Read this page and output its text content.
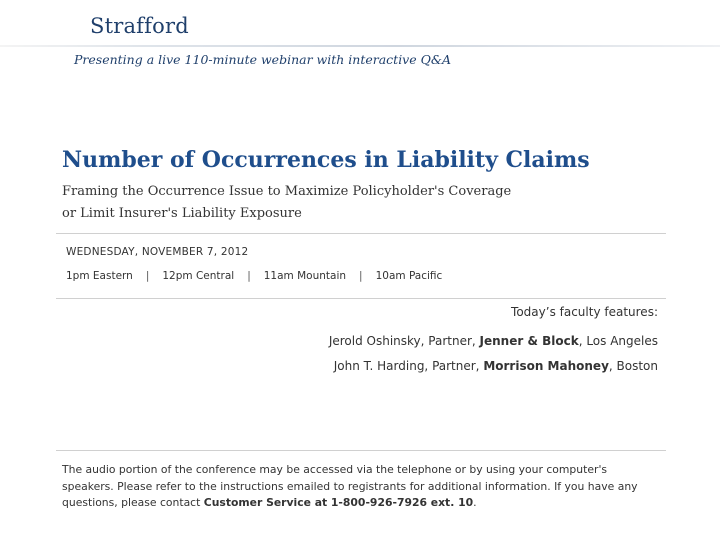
Strafford
Presenting a live 110-minute webinar with interactive Q&A
Number of Occurrences in Liability Claims
Framing the Occurrence Issue to Maximize Policyholder's Coverage
or Limit Insurer's Liability Exposure
WEDNESDAY, NOVEMBER 7, 2012
1pm Eastern | 12pm Central | 11am Mountain | 10am Pacific
Today’s faculty features:
Jerold Oshinsky, Partner, Jenner & Block, Los Angeles
John T. Harding, Partner, Morrison Mahoney, Boston
The audio portion of the conference may be accessed via the telephone or by using your computer's speakers. Please refer to the instructions emailed to registrants for additional information. If you have any questions, please contact Customer Service at 1-800-926-7926 ext. 10.
